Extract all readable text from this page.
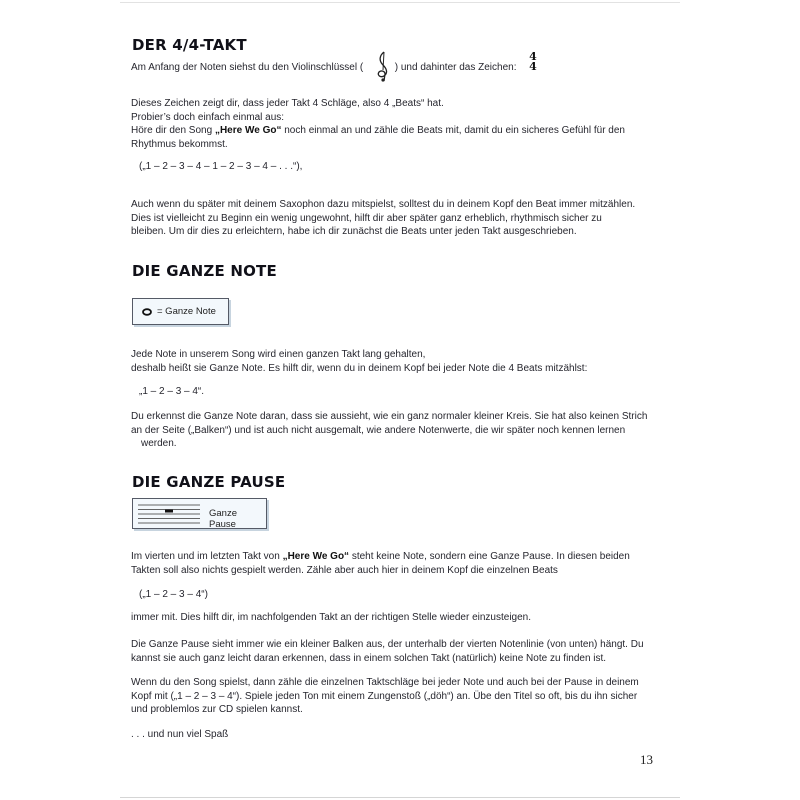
DER 4/4-TAKT
Am Anfang der Noten siehst du den Violinschlüssel (	) und dahinter das Zeichen:
4
4
Dieses Zeichen zeigt dir, dass jeder Takt 4 Schläge, also 4 „Beats“ hat.
Probier’s doch einfach einmal aus:
Höre dir den Song „Here We Go“ noch einmal an und zähle die Beats mit, damit du ein sicheres Gefühl für den
Rhythmus bekommst.
(„1 – 2 – 3 – 4 – 1 – 2 – 3 – 4 – . . .“),
Auch wenn du später mit deinem Saxophon dazu mitspielst, solltest du in deinem Kopf den Beat immer mitzählen.
Dies ist vielleicht zu Beginn ein wenig ungewohnt, hilft dir aber später ganz erheblich, rhythmisch sicher zu
bleiben. Um dir dies zu erleichtern, habe ich dir zunächst die Beats unter jeden Takt ausgeschrieben.
DIE GANZE NOTE
= Ganze Note
Jede Note in unserem Song wird einen ganzen Takt lang gehalten,
deshalb heißt sie Ganze Note. Es hilft dir, wenn du in deinem Kopf bei jeder Note die 4 Beats mitzählst:
„1 – 2 – 3 – 4“.
Du erkennst die Ganze Note daran, dass sie aussieht, wie ein ganz normaler kleiner Kreis. Sie hat also keinen Strich
an der Seite („Balken“) und ist auch nicht ausgemalt, wie andere Notenwerte, die wir später noch kennen lernen
werden.
DIE GANZE PAUSE
Ganze Pause
Im vierten und im letzten Takt von „Here We Go“ steht keine Note, sondern eine Ganze Pause. In diesen beiden
Takten soll also nichts gespielt werden. Zähle aber auch hier in deinem Kopf die einzelnen Beats
(„1 – 2 – 3 – 4“)
immer mit. Dies hilft dir, im nachfolgenden Takt an der richtigen Stelle wieder einzusteigen.
Die Ganze Pause sieht immer wie ein kleiner Balken aus, der unterhalb der vierten Notenlinie (von unten) hängt. Du
kannst sie auch ganz leicht daran erkennen, dass in einem solchen Takt (natürlich) keine Note zu finden ist.
Wenn du den Song spielst, dann zähle die einzelnen Taktschläge bei jeder Note und auch bei der Pause in deinem
Kopf mit („1 – 2 – 3 – 4“). Spiele jeden Ton mit einem Zungenstoß („döh“) an. Übe den Titel so oft, bis du ihn sicher
und problemlos zur CD spielen kannst.
. . . und nun viel Spaß
13
